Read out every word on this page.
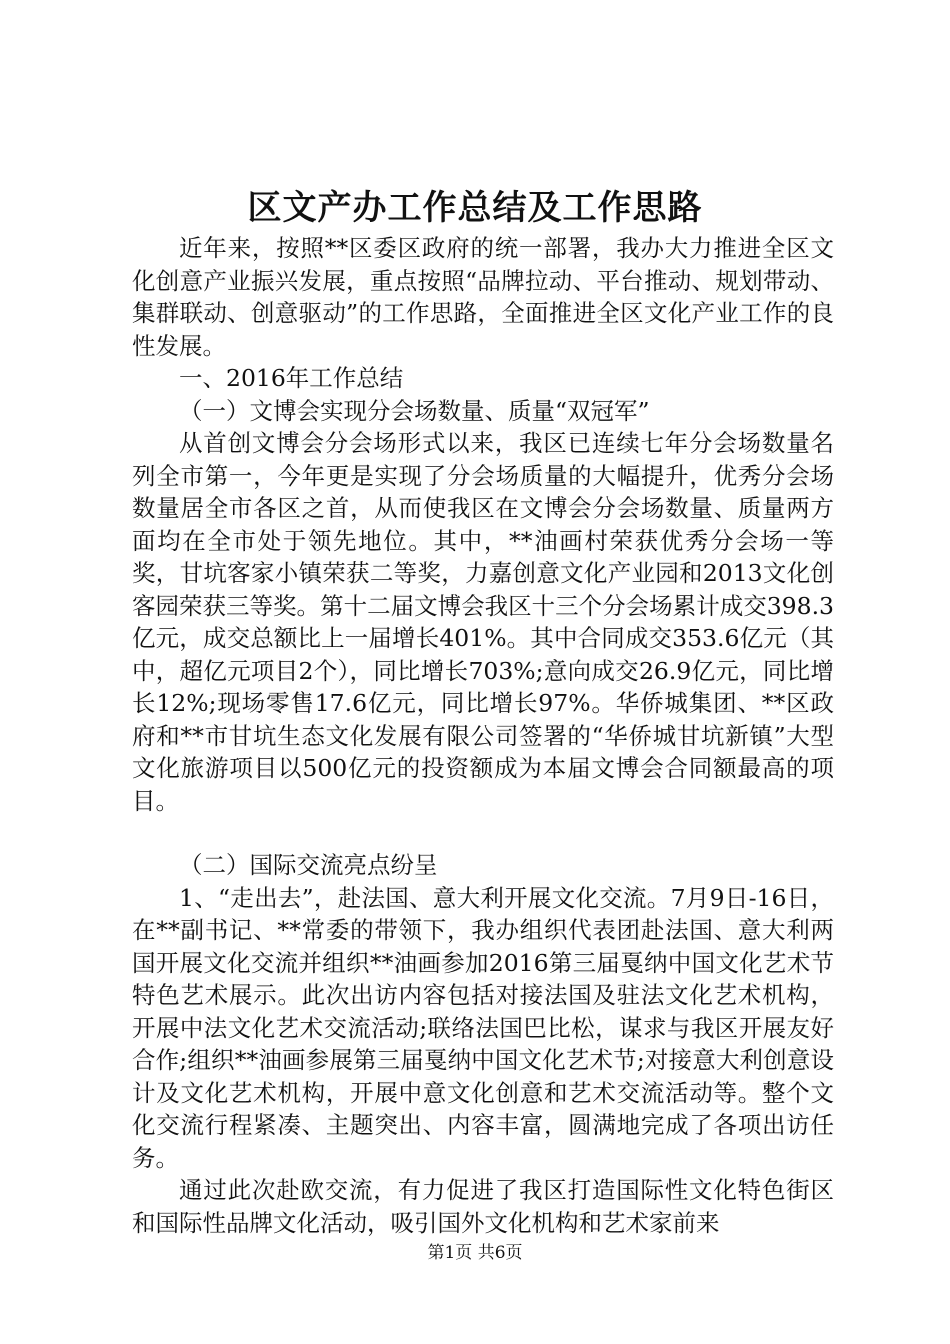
区文产办工作总结及工作思路

近年来，按照**区委区政府的统一部署，我办大力推进全区文化创意产业振兴发展，重点按照“品牌拉动、平台推动、规划带动、集群联动、创意驱动”的工作思路，全面推进全区文化产业工作的良性发展。

一、2016年工作总结

（一）文博会实现分会场数量、质量“双冠军”

从首创文博会分会场形式以来，我区已连续七年分会场数量名列全市第一，今年更是实现了分会场质量的大幅提升，优秀分会场数量居全市各区之首，从而使我区在文博会分会场数量、质量两方面均在全市处于领先地位。其中，**油画村荣获优秀分会场一等奖，甘坑客家小镇荣获二等奖，力嘉创意文化产业园和2013文化创客园荣获三等奖。第十二届文博会我区十三个分会场累计成交398.3亿元，成交总额比上一届增长401%。其中合同成交353.6亿元（其中，超亿元项目2个），同比增长703%;意向成交26.9亿元，同比增长12%;现场零售17.6亿元，同比增长97%。华侨城集团、**区政府和**市甘坑生态文化发展有限公司签署的“华侨城甘坑新镇”大型文化旅游项目以500亿元的投资额成为本届文博会合同额最高的项目。

（二）国际交流亮点纷呈

1、“走出去”，赴法国、意大利开展文化交流。7月9日-16日，在**副书记、**常委的带领下，我办组织代表团赴法国、意大利两国开展文化交流并组织**油画参加2016第三届戛纳中国文化艺术节特色艺术展示。此次出访内容包括对接法国及驻法文化艺术机构，开展中法文化艺术交流活动;联络法国巴比松，谋求与我区开展友好合作;组织**油画参展第三届戛纳中国文化艺术节;对接意大利创意设计及文化艺术机构，开展中意文化创意和艺术交流活动等。整个文化交流行程紧凑、主题突出、内容丰富，圆满地完成了各项出访任务。

通过此次赴欧交流，有力促进了我区打造国际性文化特色街区和国际性品牌文化活动，吸引国外文化机构和艺术家前来

第1页 共6页
